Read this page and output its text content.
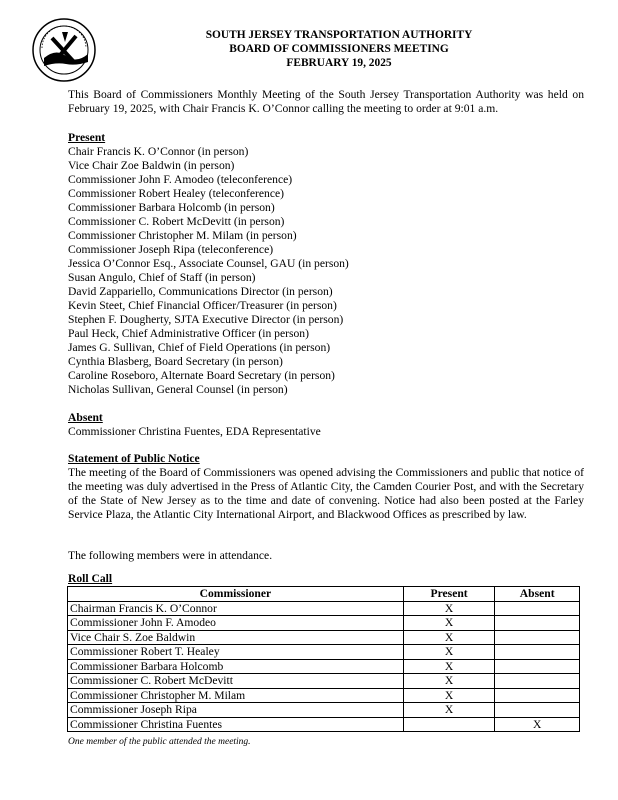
SOUTH JERSEY TRANSPORTATION AUTHORITY
BOARD OF COMMISSIONERS MEETING
FEBRUARY 19, 2025
This Board of Commissioners Monthly Meeting of the South Jersey Transportation Authority was held on February 19, 2025, with Chair Francis K. O’Connor calling the meeting to order at 9:01 a.m.
Present
Chair Francis K. O’Connor (in person)
Vice Chair Zoe Baldwin (in person)
Commissioner John F. Amodeo (teleconference)
Commissioner Robert Healey (teleconference)
Commissioner Barbara Holcomb (in person)
Commissioner C. Robert McDevitt (in person)
Commissioner Christopher M. Milam (in person)
Commissioner Joseph Ripa (teleconference)
Jessica O’Connor Esq., Associate Counsel, GAU (in person)
Susan Angulo, Chief of Staff (in person)
David Zappariello, Communications Director (in person)
Kevin Steet, Chief Financial Officer/Treasurer (in person)
Stephen F. Dougherty, SJTA Executive Director (in person)
Paul Heck, Chief Administrative Officer (in person)
James G. Sullivan, Chief of Field Operations (in person)
Cynthia Blasberg, Board Secretary (in person)
Caroline Roseboro, Alternate Board Secretary (in person)
Nicholas Sullivan, General Counsel (in person)
Absent
Commissioner Christina Fuentes, EDA Representative
Statement of Public Notice
The meeting of the Board of Commissioners was opened advising the Commissioners and public that notice of the meeting was duly advertised in the Press of Atlantic City, the Camden Courier Post, and with the Secretary of the State of New Jersey as to the time and date of convening. Notice had also been posted at the Farley Service Plaza, the Atlantic City International Airport, and Blackwood Offices as prescribed by law.
The following members were in attendance.
Roll Call
Commissioner	Present	Absent
Chairman Francis K. O’Connor	X	
Commissioner John F. Amodeo	X	
Vice Chair S. Zoe Baldwin	X	
Commissioner Robert T. Healey	X	
Commissioner Barbara Holcomb	X	
Commissioner C. Robert McDevitt	X	
Commissioner Christopher M. Milam	X	
Commissioner Joseph Ripa	X	
Commissioner Christina Fuentes		X
One member of the public attended the meeting.
